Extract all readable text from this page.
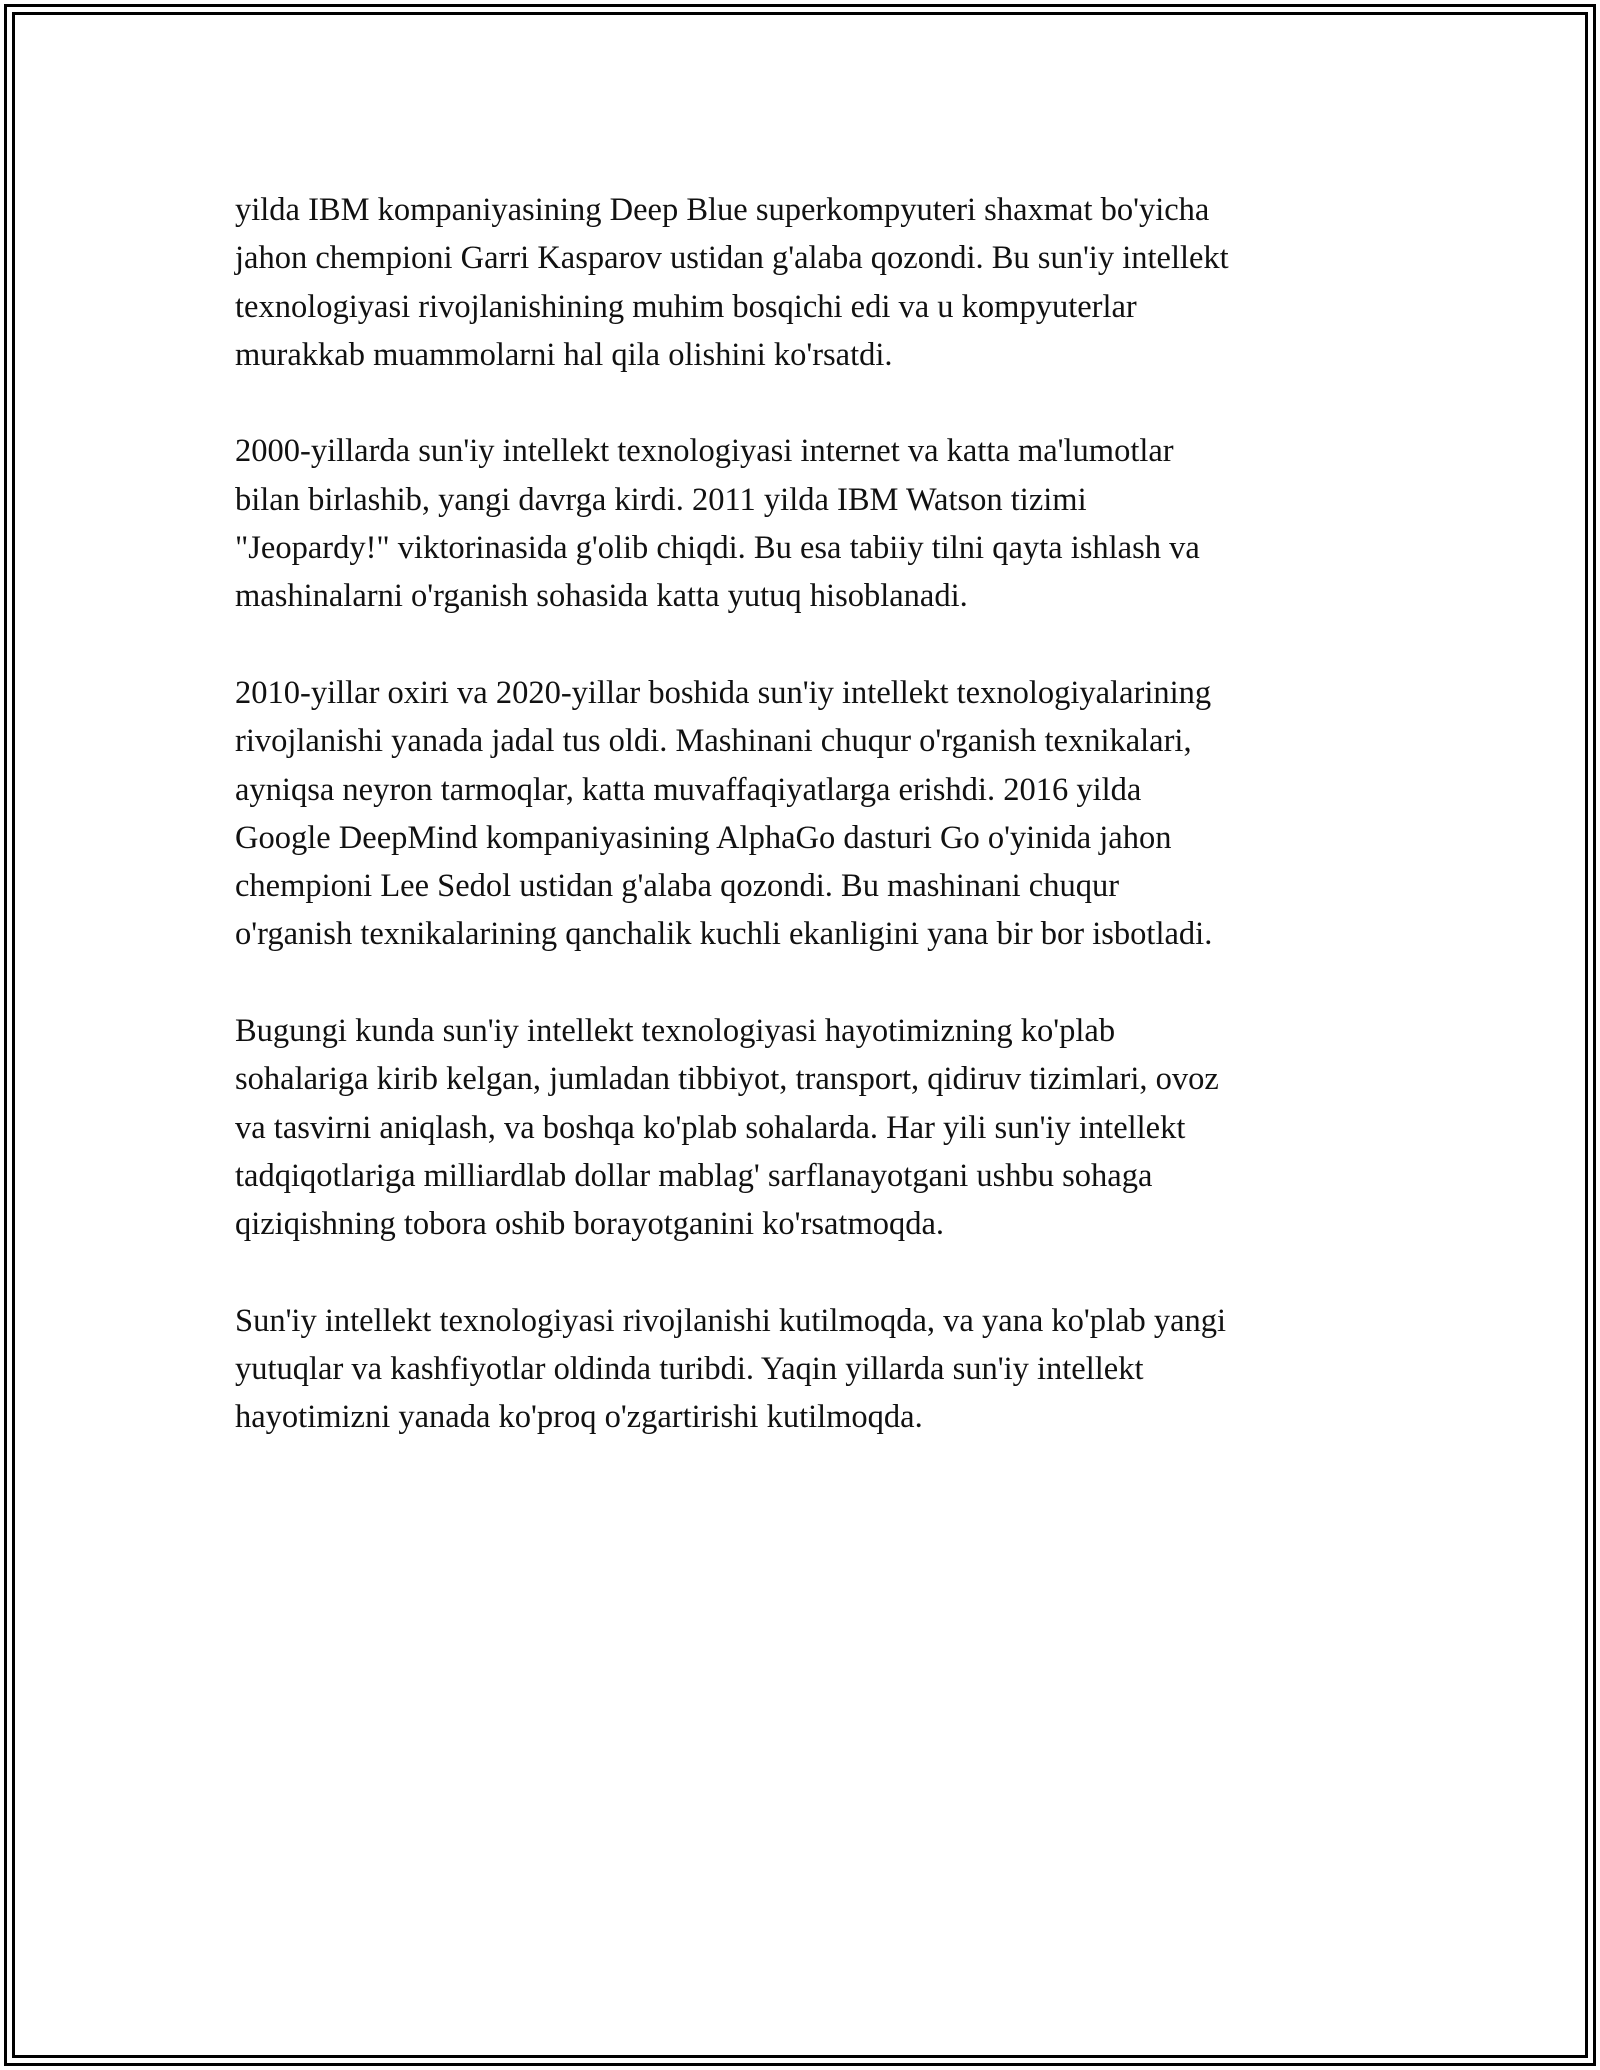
yilda IBM kompaniyasining Deep Blue superkompyuteri shaxmat bo'yicha
jahon chempioni Garri Kasparov ustidan g'alaba qozondi. Bu sun'iy intellekt
texnologiyasi rivojlanishining muhim bosqichi edi va u kompyuterlar
murakkab muammolarni hal qila olishini ko'rsatdi.

2000-yillarda sun'iy intellekt texnologiyasi internet va katta ma'lumotlar
bilan birlashib, yangi davrga kirdi. 2011 yilda IBM Watson tizimi
"Jeopardy!" viktorinasida g'olib chiqdi. Bu esa tabiiy tilni qayta ishlash va
mashinalarni o'rganish sohasida katta yutuq hisoblanadi.

2010-yillar oxiri va 2020-yillar boshida sun'iy intellekt texnologiyalarining
rivojlanishi yanada jadal tus oldi. Mashinani chuqur o'rganish texnikalari,
ayniqsa neyron tarmoqlar, katta muvaffaqiyatlarga erishdi. 2016 yilda
Google DeepMind kompaniyasining AlphaGo dasturi Go o'yinida jahon
chempioni Lee Sedol ustidan g'alaba qozondi. Bu mashinani chuqur
o'rganish texnikalarining qanchalik kuchli ekanligini yana bir bor isbotladi.

Bugungi kunda sun'iy intellekt texnologiyasi hayotimizning ko'plab
sohalariga kirib kelgan, jumladan tibbiyot, transport, qidiruv tizimlari, ovoz
va tasvirni aniqlash, va boshqa ko'plab sohalarda. Har yili sun'iy intellekt
tadqiqotlariga milliardlab dollar mablag' sarflanayotgani ushbu sohaga
qiziqishning tobora oshib borayotganini ko'rsatmoqda.

Sun'iy intellekt texnologiyasi rivojlanishi kutilmoqda, va yana ko'plab yangi
yutuqlar va kashfiyotlar oldinda turibdi. Yaqin yillarda sun'iy intellekt
hayotimizni yanada ko'proq o'zgartirishi kutilmoqda.
